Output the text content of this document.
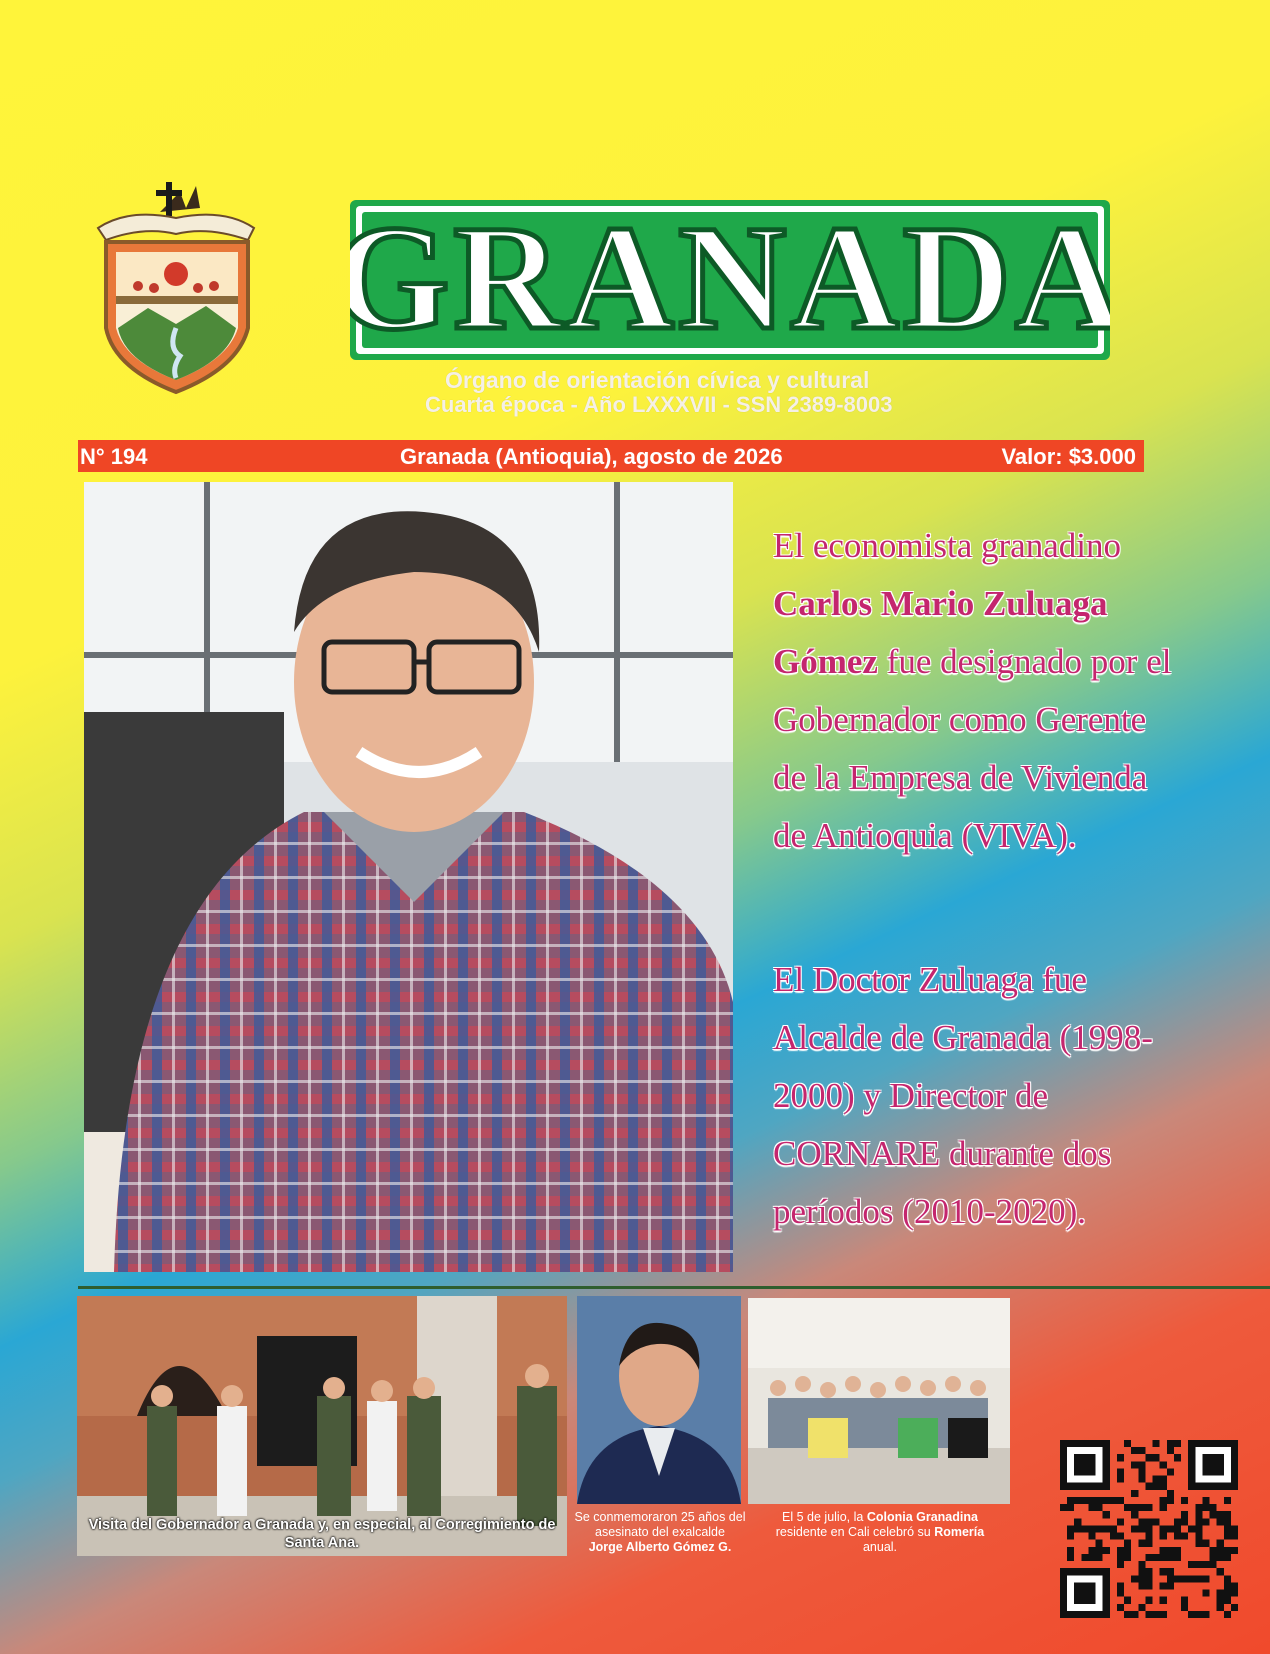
GRANADA
Órgano de orientación cívica y cultural
Cuarta época - Año LXXXVII - SSN 2389-8003
N° 194	Granada (Antioquia), agosto de 2026	Valor: $3.000
El economista granadino
Carlos Mario Zuluaga Gómez fue designado por el Gobernador como Gerente de la Empresa de Vivienda de Antioquia (VIVA).
El Doctor Zuluaga fue Alcalde de Granada (1998-2000) y Director de CORNARE durante dos períodos (2010-2020).
Visita del Gobernador a Granada y, en especial, al Corregimiento de Santa Ana.
Se conmemoraron 25 años del asesinato del exalcalde
Jorge Alberto Gómez G.
El 5 de julio, la Colonia Granadina
residente en Cali celebró su Romería
anual.
